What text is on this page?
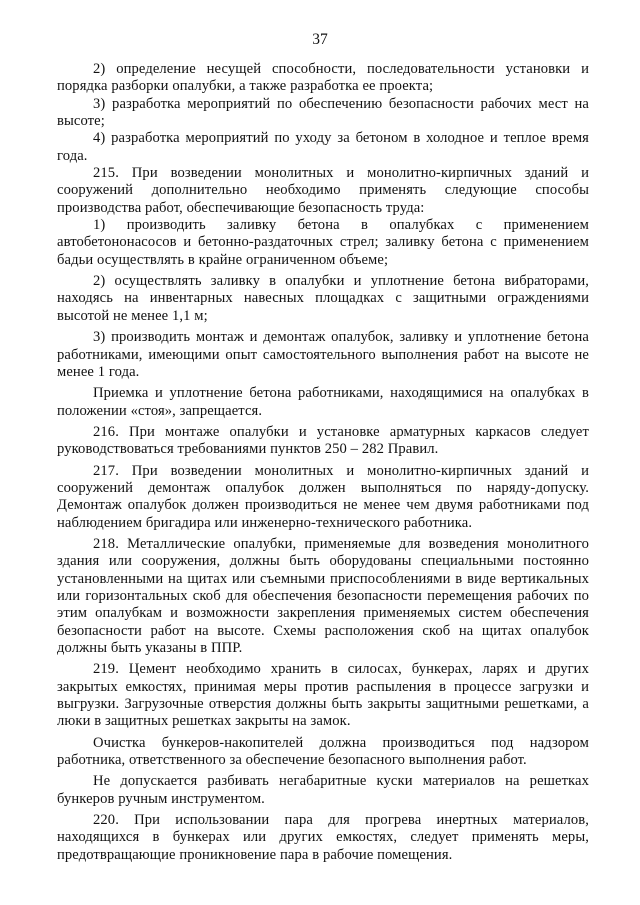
37

2) определение несущей способности, последовательности установки и порядка разборки опалубки, а также разработка ее проекта;

3) разработка мероприятий по обеспечению безопасности рабочих мест на высоте;

4) разработка мероприятий по уходу за бетоном в холодное и теплое время года.

215. При возведении монолитных и монолитно-кирпичных зданий и сооружений дополнительно необходимо применять следующие способы производства работ, обеспечивающие безопасность труда:

1) производить заливку бетона в опалубках с применением автобетононасосов и бетонно-раздаточных стрел; заливку бетона с применением бадьи осуществлять в крайне ограниченном объеме;

2) осуществлять заливку в опалубки и уплотнение бетона вибраторами, находясь на инвентарных навесных площадках с защитными ограждениями высотой не менее 1,1 м;

3) производить монтаж и демонтаж опалубок, заливку и уплотнение бетона работниками, имеющими опыт самостоятельного выполнения работ на высоте не менее 1 года.

Приемка и уплотнение бетона работниками, находящимися на опалубках в положении «стоя», запрещается.

216. При монтаже опалубки и установке арматурных каркасов следует руководствоваться требованиями пунктов 250 – 282 Правил.

217. При возведении монолитных и монолитно-кирпичных зданий и сооружений демонтаж опалубок должен выполняться по наряду-допуску. Демонтаж опалубок должен производиться не менее чем двумя работниками под наблюдением бригадира или инженерно-технического работника.

218. Металлические опалубки, применяемые для возведения монолитного здания или сооружения, должны быть оборудованы специальными постоянно установленными на щитах или съемными приспособлениями в виде вертикальных или горизонтальных скоб для обеспечения безопасности перемещения рабочих по этим опалубкам и возможности закрепления применяемых систем обеспечения безопасности работ на высоте. Схемы расположения скоб на щитах опалубок должны быть указаны в ППР.

219. Цемент необходимо хранить в силосах, бункерах, ларях и других закрытых емкостях, принимая меры против распыления в процессе загрузки и выгрузки. Загрузочные отверстия должны быть закрыты защитными решетками, а люки в защитных решетках закрыты на замок.

Очистка бункеров-накопителей должна производиться под надзором работника, ответственного за обеспечение безопасного выполнения работ.

Не допускается разбивать негабаритные куски материалов на решетках бункеров ручным инструментом.

220. При использовании пара для прогрева инертных материалов, находящихся в бункерах или других емкостях, следует применять меры, предотвращающие проникновение пара в рабочие помещения.
